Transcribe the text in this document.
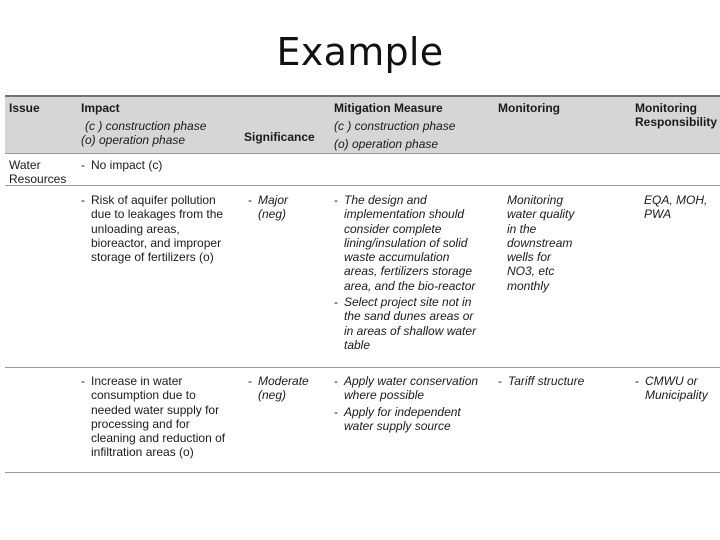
Example
Issue	Impact
(c ) construction phase
(o) operation phase	Significance
Mitigation Measure
(c ) construction phase
(o) operation phase
Monitoring	Monitoring
Responsibility
Water
Resources
- No impact (c)
- Risk of aquifer pollution
due to leakages from the
unloading areas,
bioreactor, and improper
storage of fertilizers (o)
- Major
(neg)
- The design and
implementation should
consider complete
lining/insulation of solid
waste accumulation
areas, fertilizers storage
area, and the bio-reactor
- Select project site not in
the sand dunes areas or
in areas of shallow water
table
Monitoring
water quality
in the
downstream
wells for
NO3, etc
monthly
EQA, MOH,
PWA
- Increase in water
consumption due to
needed water supply for
processing and for
cleaning and reduction of
infiltration areas (o)
- Moderate
(neg)
- Apply water conservation
where possible
- Apply for independent
water supply source
- Tariff structure
-	CMWU or
Municipality
